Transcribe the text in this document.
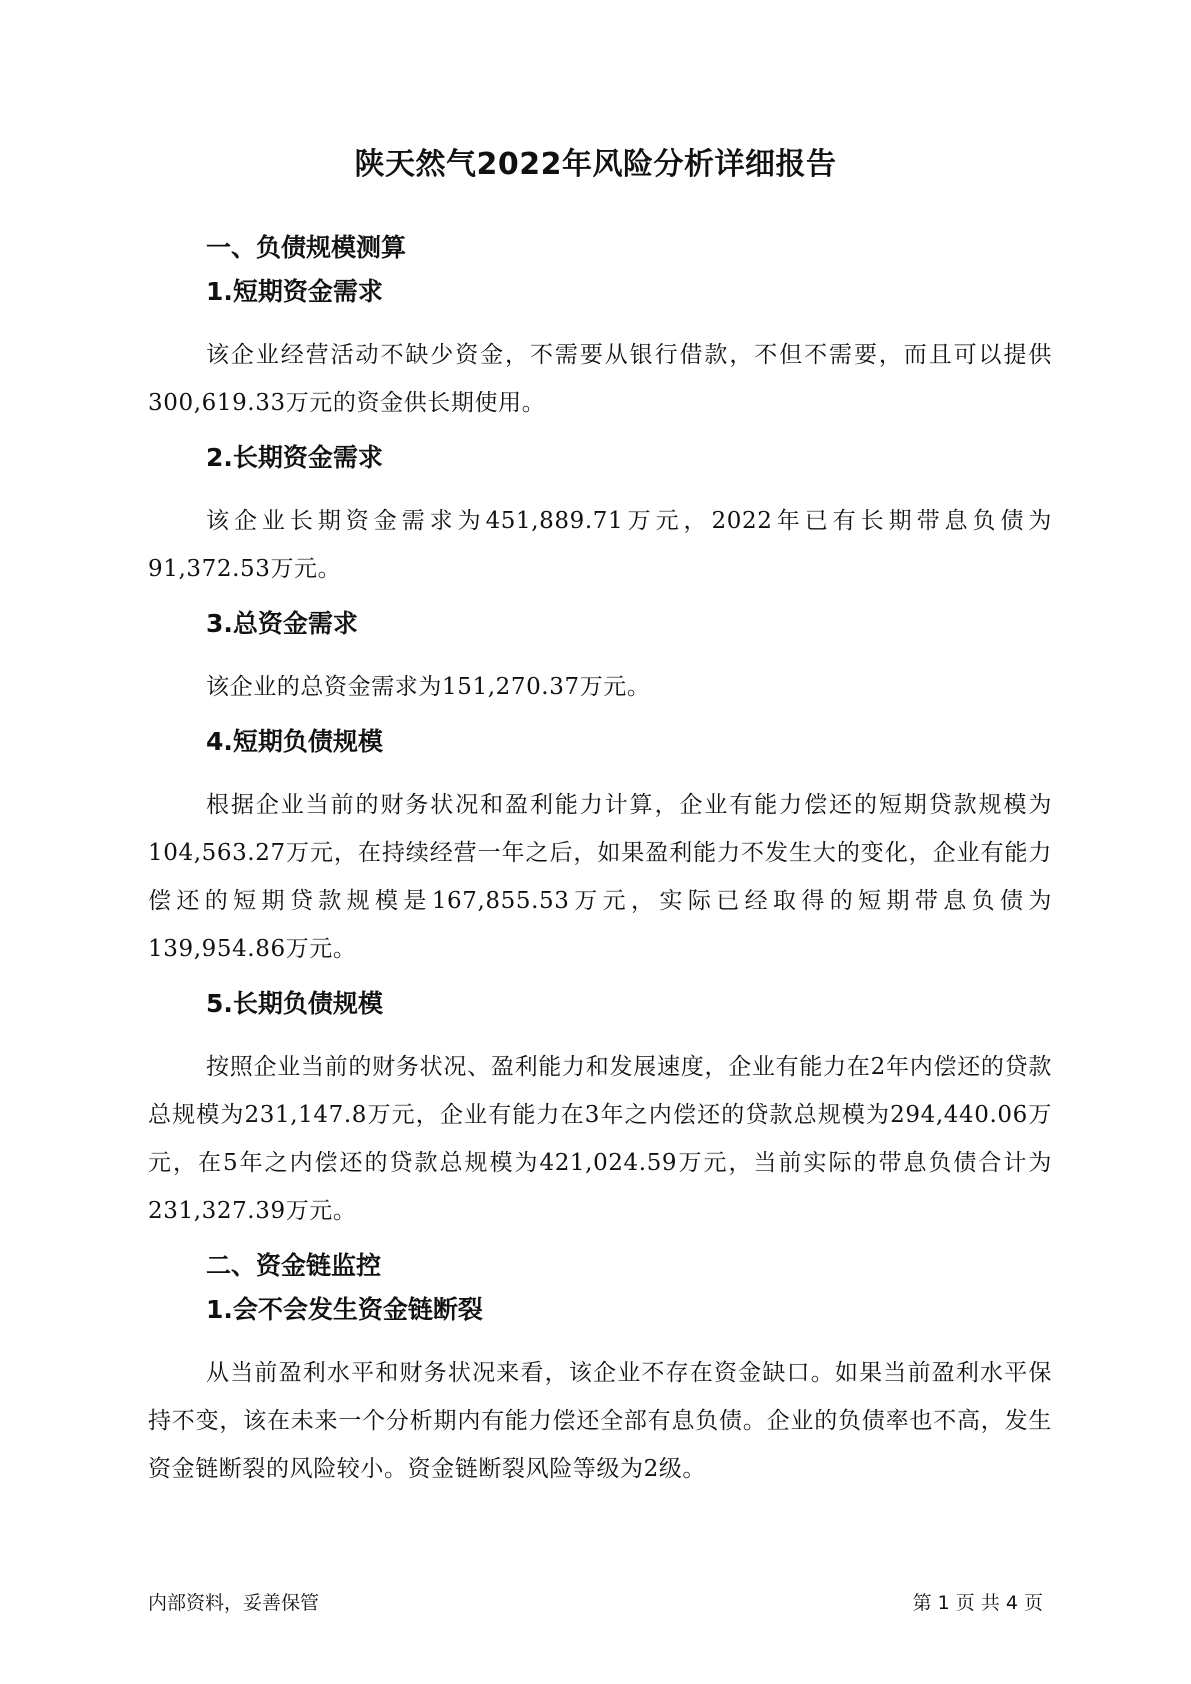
陕天然气2022年风险分析详细报告
一、负债规模测算
1.短期资金需求

该企业经营活动不缺少资金，不需要从银行借款，不但不需要，而且可以提供300,619.33万元的资金供长期使用。

2.长期资金需求

该企业长期资金需求为451,889.71万元，2022年已有长期带息负债为91,372.53万元。

3.总资金需求

该企业的总资金需求为151,270.37万元。

4.短期负债规模

根据企业当前的财务状况和盈利能力计算，企业有能力偿还的短期贷款规模为104,563.27万元，在持续经营一年之后，如果盈利能力不发生大的变化，企业有能力偿还的短期贷款规模是167,855.53万元，实际已经取得的短期带息负债为139,954.86万元。

5.长期负债规模

按照企业当前的财务状况、盈利能力和发展速度，企业有能力在2年内偿还的贷款总规模为231,147.8万元，企业有能力在3年之内偿还的贷款总规模为294,440.06万元，在5年之内偿还的贷款总规模为421,024.59万元，当前实际的带息负债合计为231,327.39万元。

二、资金链监控
1.会不会发生资金链断裂

从当前盈利水平和财务状况来看，该企业不存在资金缺口。如果当前盈利水平保持不变，该在未来一个分析期内有能力偿还全部有息负债。企业的负债率也不高，发生资金链断裂的风险较小。资金链断裂风险等级为2级。

内部资料，妥善保管	第 1 页 共 4 页
